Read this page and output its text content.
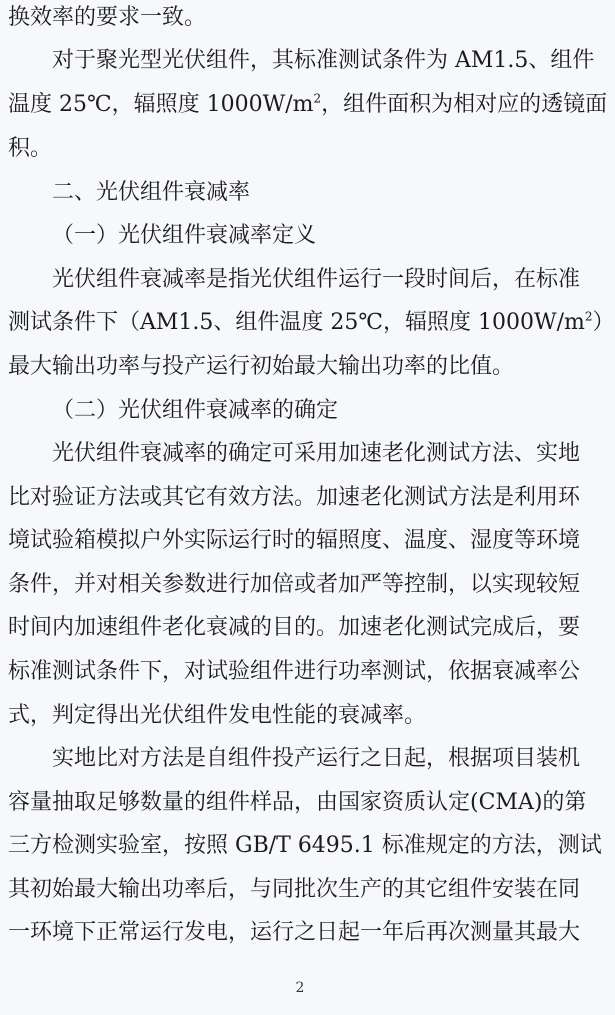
换效率的要求一致。
对于聚光型光伏组件，其标准测试条件为 AM1.5、组件
温度 25℃，辐照度 $1000W/m^2$，组件面积为相对应的透镜面
积。
二、光伏组件衰减率
（一）光伏组件衰减率定义
光伏组件衰减率是指光伏组件运行一段时间后，在标准
测试条件下（AM1.5、组件温度 25℃，辐照度 $1000W/m^2$）
最大输出功率与投产运行初始最大输出功率的比值。
（二）光伏组件衰减率的确定
光伏组件衰减率的确定可采用加速老化测试方法、实地
比对验证方法或其它有效方法。加速老化测试方法是利用环
境试验箱模拟户外实际运行时的辐照度、温度、湿度等环境
条件，并对相关参数进行加倍或者加严等控制，以实现较短
时间内加速组件老化衰减的目的。加速老化测试完成后，要
标准测试条件下，对试验组件进行功率测试，依据衰减率公
式，判定得出光伏组件发电性能的衰减率。
实地比对方法是自组件投产运行之日起，根据项目装机
容量抽取足够数量的组件样品，由国家资质认定(CMA)的第
三方检测实验室，按照 GB/T 6495.1 标准规定的方法，测试
其初始最大输出功率后，与同批次生产的其它组件安装在同
一环境下正常运行发电，运行之日起一年后再次测量其最大
2
